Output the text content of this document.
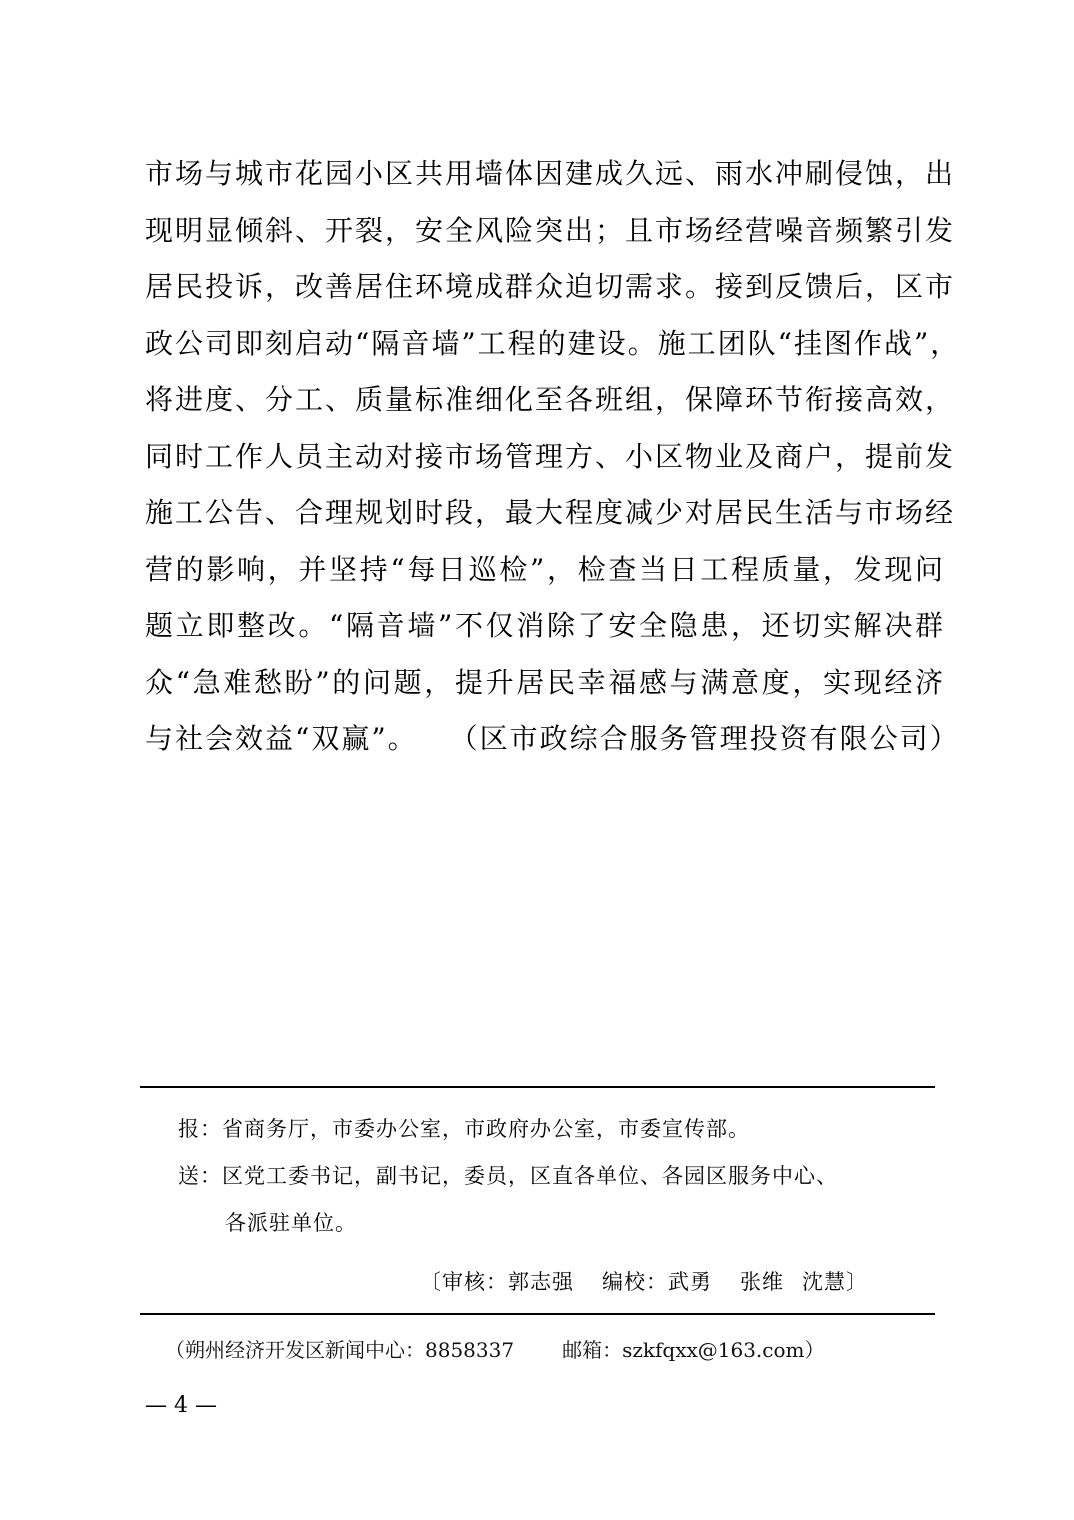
市场与城市花园小区共用墙体因建成久远、雨水冲刷侵蚀，出
现明显倾斜、开裂，安全风险突出；且市场经营噪音频繁引发
居民投诉，改善居住环境成群众迫切需求。接到反馈后，区市
政公司即刻启动“隔音墙”工程的建设。施工团队“挂图作战”，
将进度、分工、质量标准细化至各班组，保障环节衔接高效，
同时工作人员主动对接市场管理方、小区物业及商户，提前发
施工公告、合理规划时段，最大程度减少对居民生活与市场经
营的影响，并坚持“每日巡检”，检查当日工程质量，发现问
题立即整改。“隔音墙”不仅消除了安全隐患，还切实解决群
众“急难愁盼”的问题，提升居民幸福感与满意度，实现经济
与社会效益“双赢”。　　（区市政综合服务管理投资有限公司）
报：省商务厅，市委办公室，市政府办公室，市委宣传部。
送：区党工委书记，副书记，委员，区直各单位、各园区服务中心、
各派驻单位。
〔审核：郭志强 编校：武勇 张维 沈慧〕
（朔州经济开发区新闻中心：8858337 邮箱：szkfqxx@163.com）
— 4 —
